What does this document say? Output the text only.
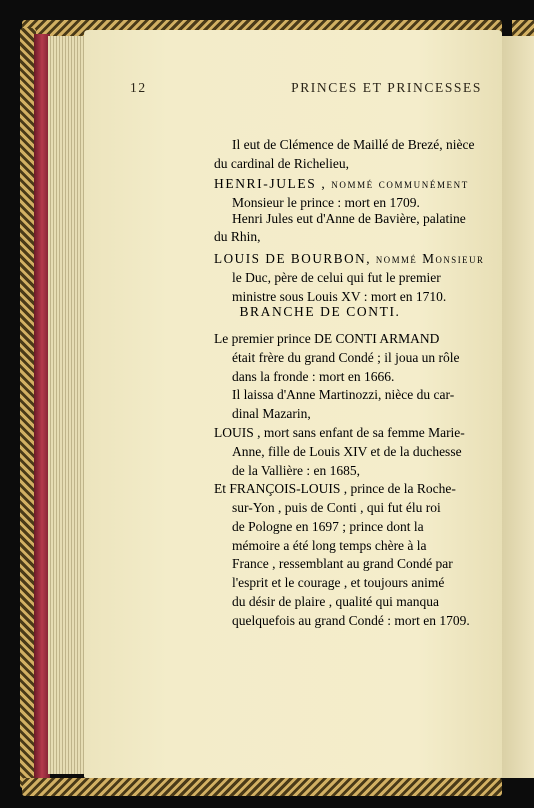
12	PRINCES ET PRINCESSES
Il eut de Clémence de Maillé de Brezé, nièce
du cardinal de Richelieu,
HENRI-JULES , nommé communément
Monsieur le prince : mort en 1709.
Henri Jules eut d'Anne de Bavière, palatine
du Rhin,
LOUIS DE BOURBON, nommé Monsieur
le Duc, père de celui qui fut le premier
ministre sous Louis XV : mort en 1710.
BRANCHE DE CONTI.
Le premier prince DE CONTI ARMAND
était frère du grand Condé ; il joua un rôle
dans la fronde : mort en 1666.
Il laissa d'Anne Martinozzi, nièce du car-
dinal Mazarin,
LOUIS , mort sans enfant de sa femme Marie-
Anne, fille de Louis XIV et de la duchesse
de la Vallière : en 1685,
Et FRANÇOIS-LOUIS , prince de la Roche-
sur-Yon , puis de Conti , qui fut élu roi
de Pologne en 1697 ; prince dont la
mémoire a été long temps chère à la
France , ressemblant au grand Condé par
l'esprit et le courage , et toujours animé
du désir de plaire , qualité qui manqua
quelquefois au grand Condé : mort en 1709.
